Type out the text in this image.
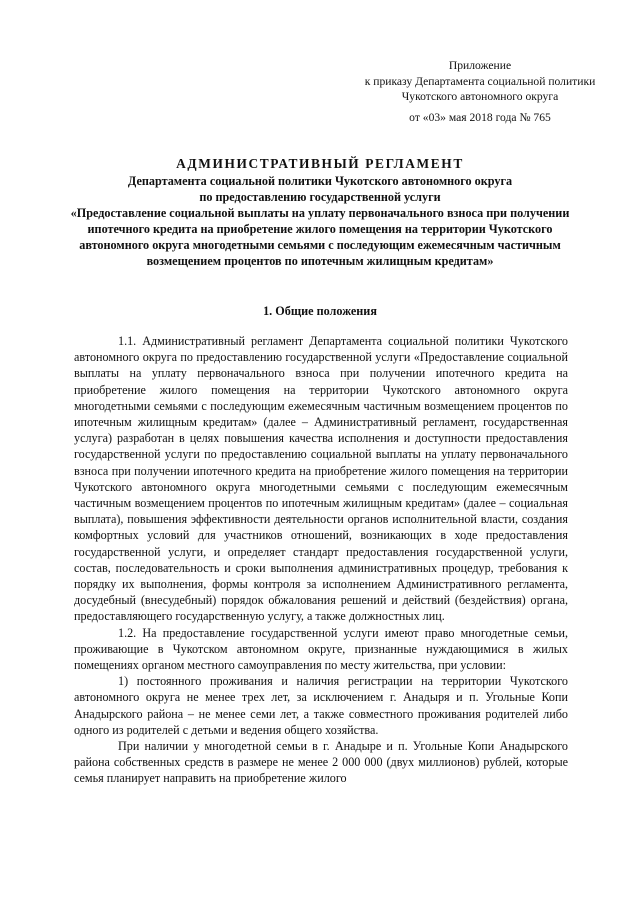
Приложение

к приказу Департамента социальной политики

Чукотского автономного округа

от «03» мая 2018 года № 765

АДМИНИСТРАТИВНЫЙ РЕГЛАМЕНТ

Департамента социальной политики Чукотского автономного округа

по предоставлению государственной услуги

«Предоставление социальной выплаты на уплату первоначального взноса при получении ипотечного кредита на приобретение жилого помещения на территории Чукотского автономного округа многодетными семьями с последующим ежемесячным частичным возмещением процентов по ипотечным жилищным кредитам»

1. Общие положения

1.1. Административный регламент Департамента социальной политики Чукотского автономного округа по предоставлению государственной услуги «Предоставление социальной выплаты на уплату первоначального взноса при получении ипотечного кредита на приобретение жилого помещения на территории Чукотского автономного округа многодетными семьями с последующим ежемесячным частичным возмещением процентов по ипотечным жилищным кредитам» (далее – Административный регламент, государственная услуга) разработан в целях повышения качества исполнения и доступности предоставления государственной услуги по предоставлению социальной выплаты на уплату первоначального взноса при получении ипотечного кредита на приобретение жилого помещения на территории Чукотского автономного округа многодетными семьями с последующим ежемесячным частичным возмещением процентов по ипотечным жилищным кредитам» (далее – социальная выплата), повышения эффективности деятельности органов исполнительной власти, создания комфортных условий для участников отношений, возникающих в ходе предоставления государственной услуги, и определяет стандарт предоставления государственной услуги, состав, последовательность и сроки выполнения административных процедур, требования к порядку их выполнения, формы контроля за исполнением Административного регламента, досудебный (внесудебный) порядок обжалования решений и действий (бездействия) органа, предоставляющего государственную услугу, а также должностных лиц.

1.2. На предоставление государственной услуги имеют право многодетные семьи, проживающие в Чукотском автономном округе, признанные нуждающимися в жилых помещениях органом местного самоуправления по месту жительства, при условии:

1) постоянного проживания и наличия регистрации на территории Чукотского автономного округа не менее трех лет, за исключением г. Анадыря и п. Угольные Копи Анадырского района – не менее семи лет, а также совместного проживания родителей либо одного из родителей с детьми и ведения общего хозяйства.

При наличии у многодетной семьи в г. Анадыре и п. Угольные Копи Анадырского района собственных средств в размере не менее 2 000 000 (двух миллионов) рублей, которые семья планирует направить на приобретение жилого
